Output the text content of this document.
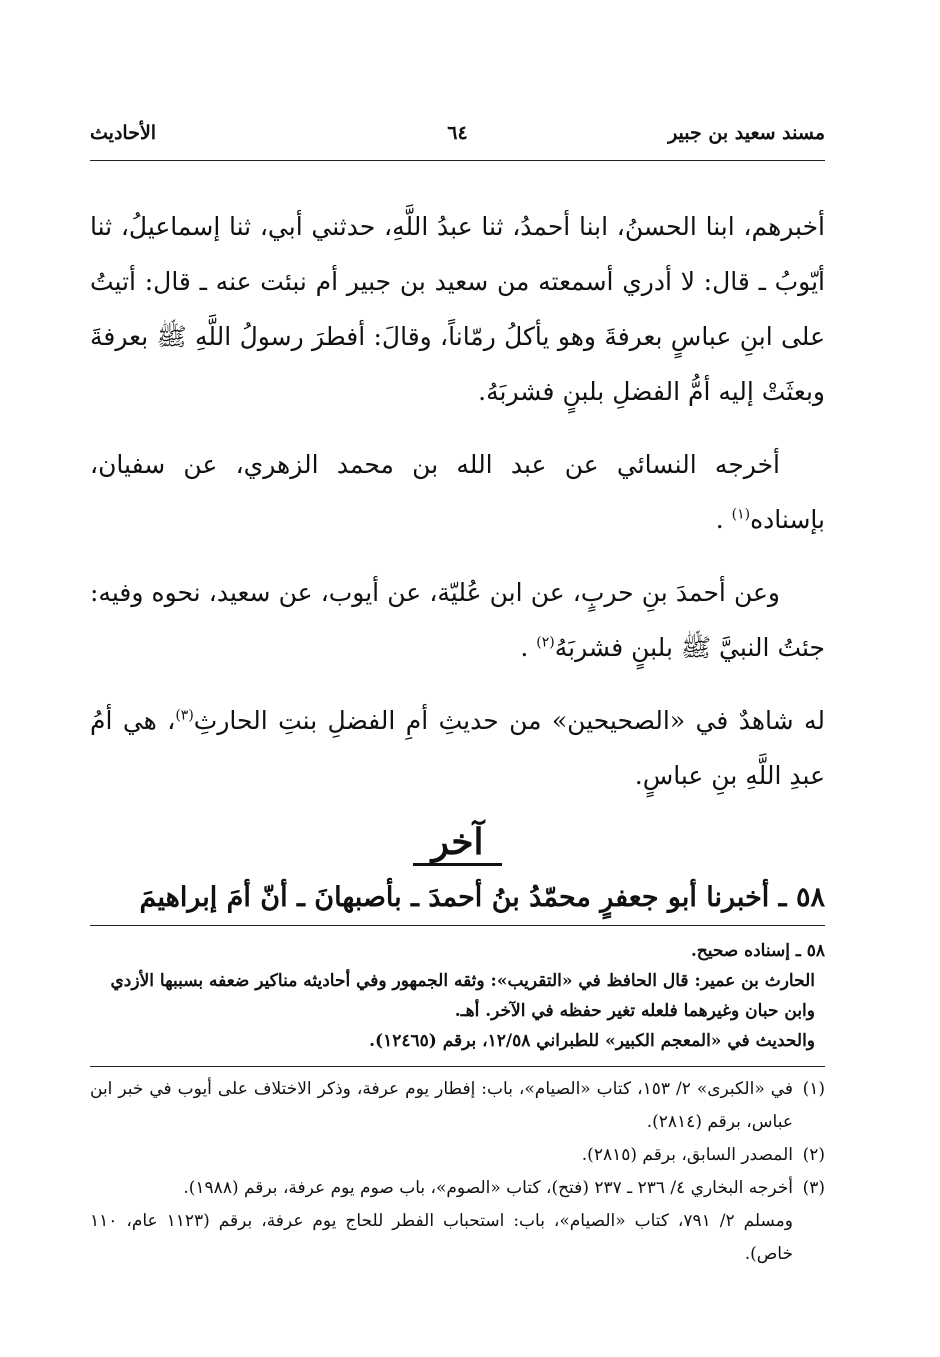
مسند سعيد بن جبير
٦٤
الأحاديث

أخبرهم، ابنا الحسنُ، ابنا أحمدُ، ثنا عبدُ اللَّهِ، حدثني أبي، ثنا إسماعيلُ، ثنا أيّوبُ ـ قال: لا أدري أسمعته من سعيد بن جبير أم نبئت عنه ـ قال: أتيتُ على ابنِ عباسٍ بعرفةَ وهو يأكلُ رمّاناً، وقالَ: أفطرَ رسولُ اللَّهِ ﷺ بعرفةَ وبعثَتْ إليه أمُّ الفضلِ بلبنٍ فشربَهُ.

أخرجه النسائي عن عبد الله بن محمد الزهري، عن سفيان، بإسناده$^{(١)}$ .

وعن أحمدَ بنِ حربٍ، عن ابن عُليّة، عن أيوب، عن سعيد، نحوه وفيه: جئتُ النبيَّ ﷺ بلبنٍ فشربَهُ$^{(٢)}$ .

له شاهدٌ في «الصحيحين» من حديثِ أمِ الفضلِ بنتِ الحارثِ$^{(٣)}$، هي أمُ عبدِ اللَّهِ بنِ عباسٍ.

آخر
٥٨ ـ أخبرنا أبو جعفرٍ محمّدُ بنُ أحمدَ ـ بأصبهانَ ـ أنّ أمَ إبراهيمَ

٥٨ ـ إسناده صحيح.

الحارث بن عمير: قال الحافظ في «التقريب»: وثقه الجمهور وفي أحاديثه مناكير ضعفه بسببها الأزدي وابن حبان وغيرهما فلعله تغير حفظه في الآخر. أهـ.

والحديث في «المعجم الكبير» للطبراني ١٢/٥٨، برقم (١٢٤٦٥).

(١)
في «الكبرى» ٢/ ١٥٣، كتاب «الصيام»، باب: إفطار يوم عرفة، وذكر الاختلاف على أيوب في خبر ابن عباس، برقم (٢٨١٤).
(٢)
المصدر السابق، برقم (٢٨١٥).
(٣)
أخرجه البخاري ٤/ ٢٣٦ ـ ٢٣٧ (فتح)، كتاب «الصوم»، باب صوم يوم عرفة، برقم (١٩٨٨).
ومسلم ٢/ ٧٩١، كتاب «الصيام»، باب: استحباب الفطر للحاج يوم عرفة، برقم (١١٢٣ عام، ١١٠ خاص).
